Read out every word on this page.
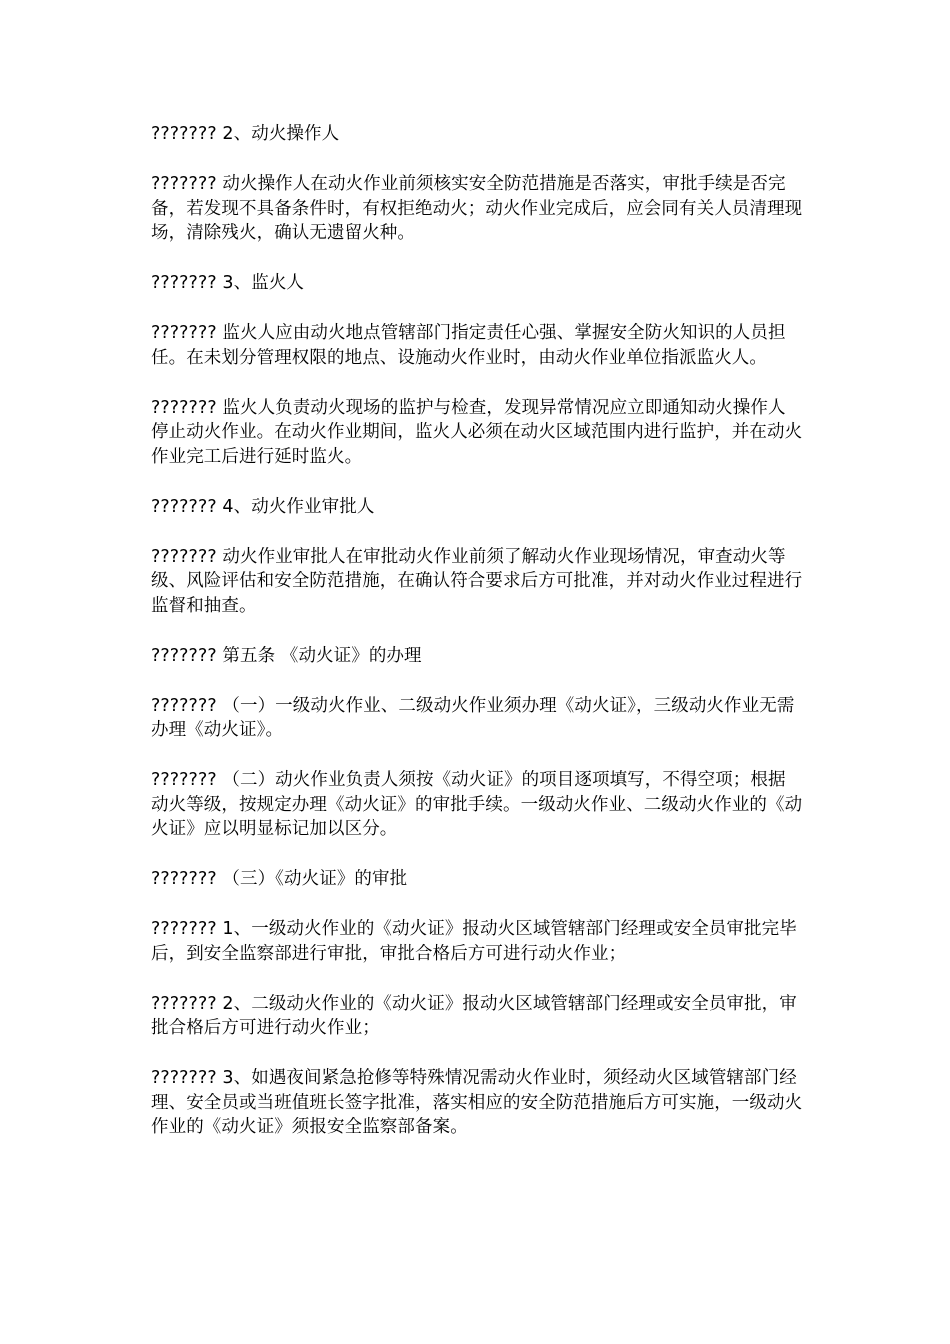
??????? 2、动火操作人

??????? 动火操作人在动火作业前须核实安全防范措施是否落实，审批手续是否完备，若发现不具备条件时，有权拒绝动火；动火作业完成后，应会同有关人员清理现场，清除残火，确认无遗留火种。

??????? 3、监火人

??????? 监火人应由动火地点管辖部门指定责任心强、掌握安全防火知识的人员担任。在未划分管理权限的地点、设施动火作业时，由动火作业单位指派监火人。

??????? 监火人负责动火现场的监护与检查，发现异常情况应立即通知动火操作人停止动火作业。在动火作业期间，监火人必须在动火区域范围内进行监护，并在动火作业完工后进行延时监火。

??????? 4、动火作业审批人

??????? 动火作业审批人在审批动火作业前须了解动火作业现场情况，审查动火等级、风险评估和安全防范措施，在确认符合要求后方可批准，并对动火作业过程进行监督和抽查。

??????? 第五条 《动火证》的办理

??????? （一）一级动火作业、二级动火作业须办理《动火证》，三级动火作业无需办理《动火证》。

??????? （二）动火作业负责人须按《动火证》的项目逐项填写，不得空项；根据动火等级，按规定办理《动火证》的审批手续。一级动火作业、二级动火作业的《动火证》应以明显标记加以区分。

??????? （三）《动火证》的审批

??????? 1、一级动火作业的《动火证》报动火区域管辖部门经理或安全员审批完毕后，到安全监察部进行审批，审批合格后方可进行动火作业；

??????? 2、二级动火作业的《动火证》报动火区域管辖部门经理或安全员审批，审批合格后方可进行动火作业；

??????? 3、如遇夜间紧急抢修等特殊情况需动火作业时，须经动火区域管辖部门经理、安全员或当班值班长签字批准，落实相应的安全防范措施后方可实施，一级动火作业的《动火证》须报安全监察部备案。
